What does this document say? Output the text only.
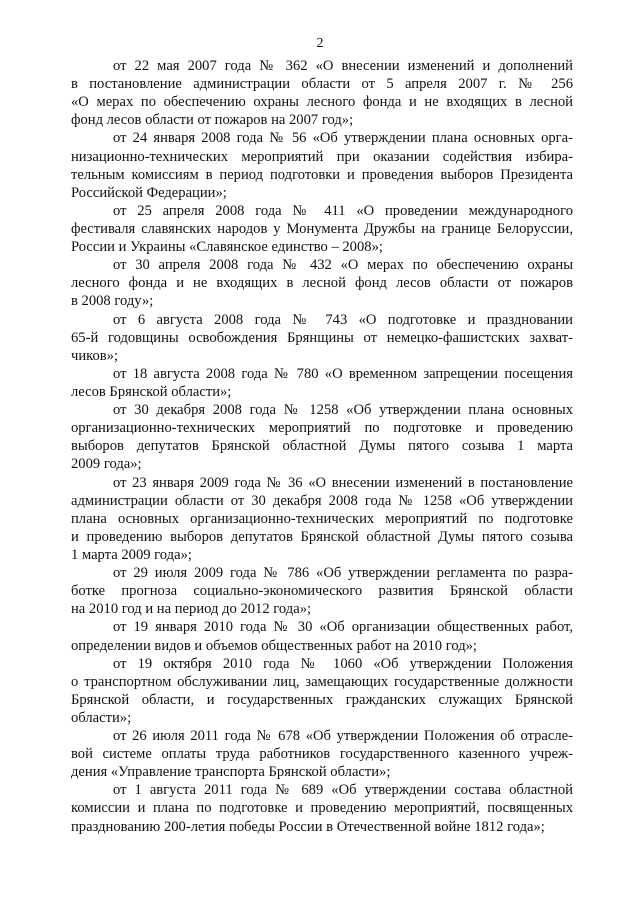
2
от 22 мая 2007 года № 362 «О внесении изменений и дополнений
в постановление администрации области от 5 апреля 2007 г. № 256
«О мерах по обеспечению охраны лесного фонда и не входящих в лесной
фонд лесов области от пожаров на 2007 год»;
от 24 января 2008 года № 56 «Об утверждении плана основных орга-
низационно-технических мероприятий при оказании содействия избира-
тельным комиссиям в период подготовки и проведения выборов Президента
Российской Федерации»;
от 25 апреля 2008 года № 411 «О проведении международного
фестиваля славянских народов у Монумента Дружбы на границе Белоруссии,
России и Украины «Славянское единство – 2008»;
от 30 апреля 2008 года № 432 «О мерах по обеспечению охраны
лесного фонда и не входящих в лесной фонд лесов области от пожаров
в 2008 году»;
от 6 августа 2008 года № 743 «О подготовке и праздновании
65-й годовщины освобождения Брянщины от немецко-фашистских захват-
чиков»;
от 18 августа 2008 года № 780 «О временном запрещении посещения
лесов Брянской области»;
от 30 декабря 2008 года № 1258 «Об утверждении плана основных
организационно-технических мероприятий по подготовке и проведению
выборов депутатов Брянской областной Думы пятого созыва 1 марта
2009 года»;
от 23 января 2009 года № 36 «О внесении изменений в постановление
администрации области от 30 декабря 2008 года № 1258 «Об утверждении
плана основных организационно-технических мероприятий по подготовке
и проведению выборов депутатов Брянской областной Думы пятого созыва
1 марта 2009 года»;
от 29 июля 2009 года № 786 «Об утверждении регламента по разра-
ботке прогноза социально-экономического развития Брянской области
на 2010 год и на период до 2012 года»;
от 19 января 2010 года № 30 «Об организации общественных работ,
определении видов и объемов общественных работ на 2010 год»;
от 19 октября 2010 года № 1060 «Об утверждении Положения
о транспортном обслуживании лиц, замещающих государственные должности
Брянской области, и государственных гражданских служащих Брянской
области»;
от 26 июля 2011 года № 678 «Об утверждении Положения об отрасле-
вой системе оплаты труда работников государственного казенного учреж-
дения «Управление транспорта Брянской области»;
от 1 августа 2011 года № 689 «Об утверждении состава областной
комиссии и плана по подготовке и проведению мероприятий, посвященных
празднованию 200-летия победы России в Отечественной войне 1812 года»;
